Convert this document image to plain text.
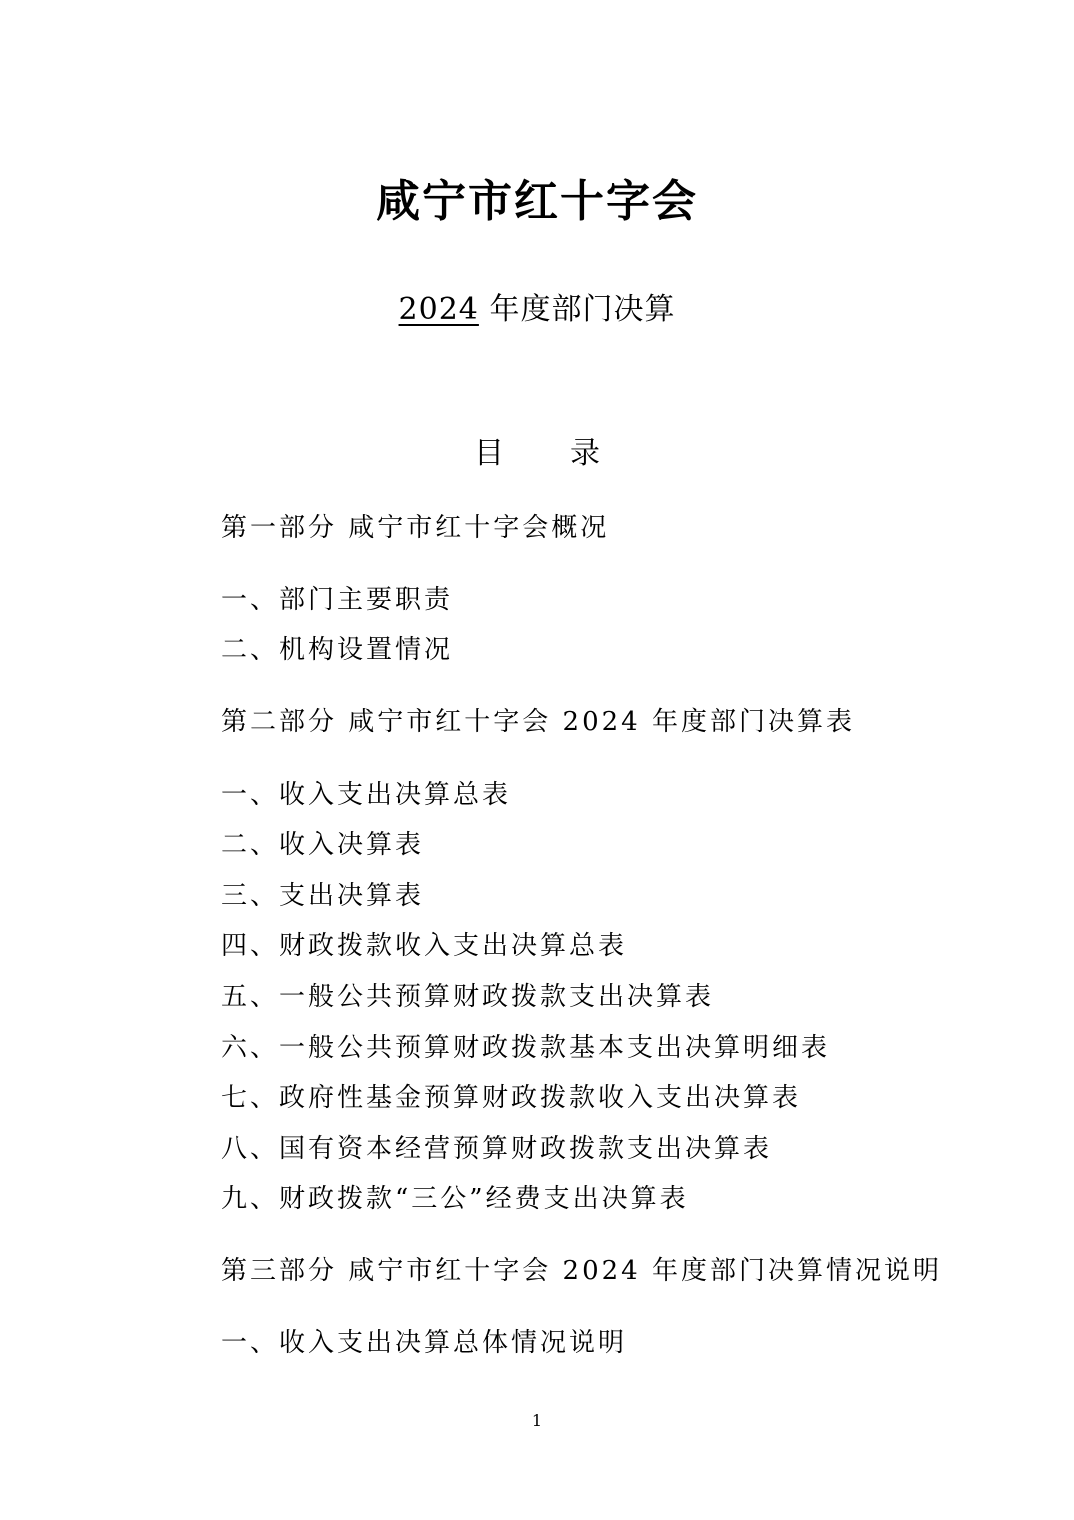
咸宁市红十字会
2024 年度部门决算
目 录
第一部分 咸宁市红十字会概况
一、部门主要职责
二、机构设置情况
第二部分 咸宁市红十字会 2024 年度部门决算表
一、收入支出决算总表
二、收入决算表
三、支出决算表
四、财政拨款收入支出决算总表
五、一般公共预算财政拨款支出决算表
六、一般公共预算财政拨款基本支出决算明细表
七、政府性基金预算财政拨款收入支出决算表
八、国有资本经营预算财政拨款支出决算表
九、财政拨款“三公”经费支出决算表
第三部分 咸宁市红十字会 2024 年度部门决算情况说明
一、收入支出决算总体情况说明
1
